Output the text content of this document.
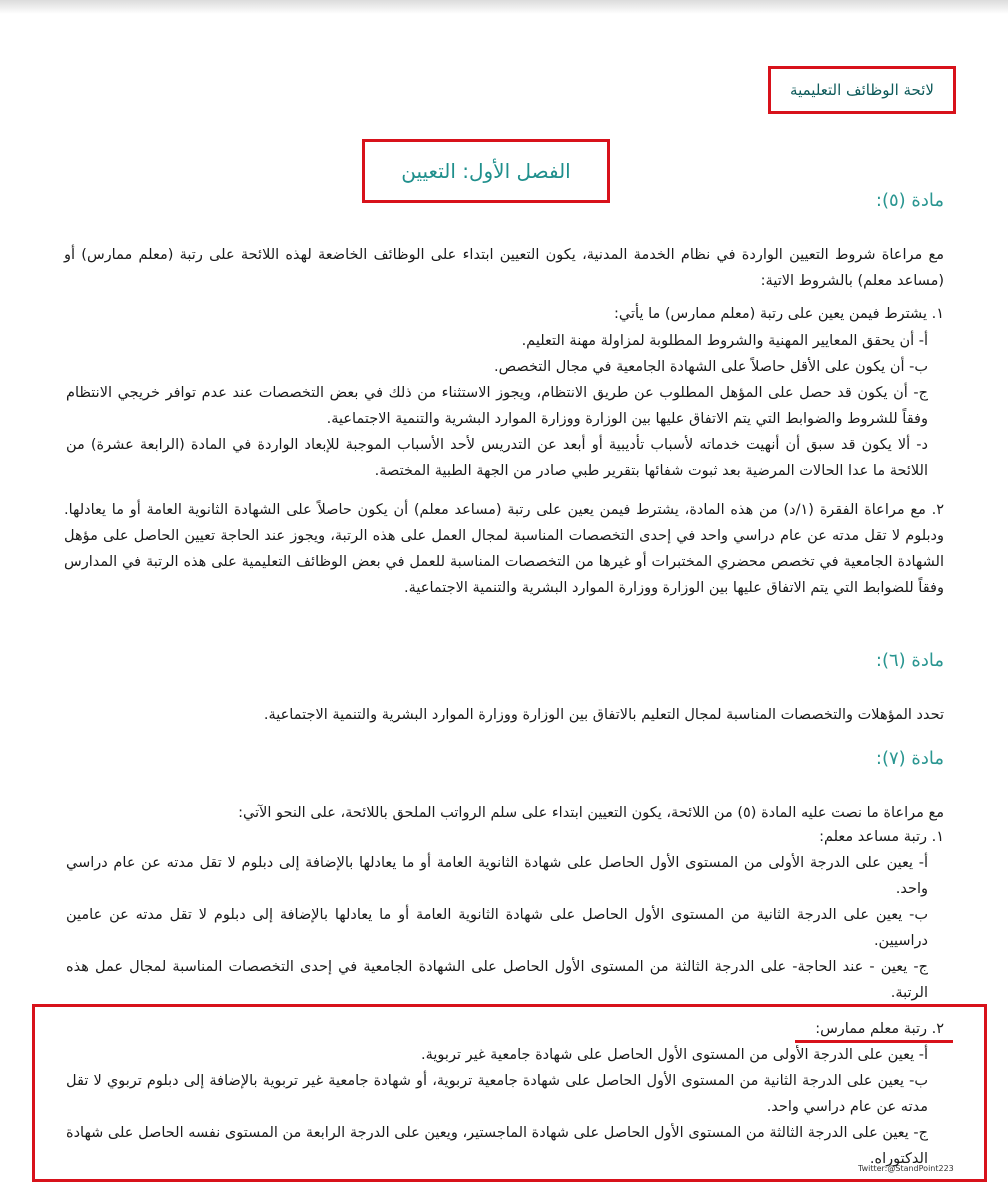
لائحة الوظائف التعليمية
الفصل الأول: التعيين
مادة (٥):
مع مراعاة شروط التعيين الواردة في نظام الخدمة المدنية، يكون التعيين ابتداء على الوظائف الخاضعة لهذه اللائحة على رتبة (معلم ممارس) أو (مساعد معلم) بالشروط الاتية:
١. يشترط فيمن يعين على رتبة (معلم ممارس) ما يأتي:
أ- أن يحقق المعايير المهنية والشروط المطلوبة لمزاولة مهنة التعليم.
ب- أن يكون على الأقل حاصلاً على الشهادة الجامعية في مجال التخصص.
ج- أن يكون قد حصل على المؤهل المطلوب عن طريق الانتظام، ويجوز الاستثناء من ذلك في بعض التخصصات عند عدم توافر خريجي الانتظام وفقاً للشروط والضوابط التي يتم الاتفاق عليها بين الوزارة ووزارة الموارد البشرية والتنمية الاجتماعية.
د- ألا يكون قد سبق أن أنهيت خدماته لأسباب تأديبية أو أبعد عن التدريس لأحد الأسباب الموجبة للإبعاد الواردة في المادة (الرابعة عشرة) من اللائحة ما عدا الحالات المرضية بعد ثبوت شفائها بتقرير طبي صادر من الجهة الطبية المختصة.
٢. مع مراعاة الفقرة (١/د) من هذه المادة، يشترط فيمن يعين على رتبة (مساعد معلم) أن يكون حاصلاً على الشهادة الثانوية العامة أو ما يعادلها. ودبلوم لا تقل مدته عن عام دراسي واحد في إحدى التخصصات المناسبة لمجال العمل على هذه الرتبة، ويجوز عند الحاجة تعيين الحاصل على مؤهل الشهادة الجامعية في تخصص محضري المختبرات أو غيرها من التخصصات المناسبة للعمل في بعض الوظائف التعليمية على هذه الرتبة في المدارس وفقاً للضوابط التي يتم الاتفاق عليها بين الوزارة ووزارة الموارد البشرية والتنمية الاجتماعية.
مادة (٦):
تحدد المؤهلات والتخصصات المناسبة لمجال التعليم بالاتفاق بين الوزارة ووزارة الموارد البشرية والتنمية الاجتماعية.
مادة (٧):
مع مراعاة ما نصت عليه المادة (٥) من اللائحة، يكون التعيين ابتداء على سلم الرواتب الملحق باللائحة، على النحو الآتي:
١. رتبة مساعد معلم:
أ- يعين على الدرجة الأولى من المستوى الأول الحاصل على شهادة الثانوية العامة أو ما يعادلها بالإضافة إلى دبلوم لا تقل مدته عن عام دراسي واحد.
ب- يعين على الدرجة الثانية من المستوى الأول الحاصل على شهادة الثانوية العامة أو ما يعادلها بالإضافة إلى دبلوم لا تقل مدته عن عامين دراسيين.
ج- يعين - عند الحاجة- على الدرجة الثالثة من المستوى الأول الحاصل على الشهادة الجامعية في إحدى التخصصات المناسبة لمجال عمل هذه الرتبة.
٢. رتبة معلم ممارس:
أ- يعين على الدرجة الأولى من المستوى الأول الحاصل على شهادة جامعية غير تربوية.
ب- يعين على الدرجة الثانية من المستوى الأول الحاصل على شهادة جامعية تربوية، أو شهادة جامعية غير تربوية بالإضافة إلى دبلوم تربوي لا تقل مدته عن عام دراسي واحد.
ج- يعين على الدرجة الثالثة من المستوى الأول الحاصل على شهادة الماجستير، ويعين على الدرجة الرابعة من المستوى نفسه الحاصل على شهادة الدكتوراه.
Twitter:@StandPoint223
